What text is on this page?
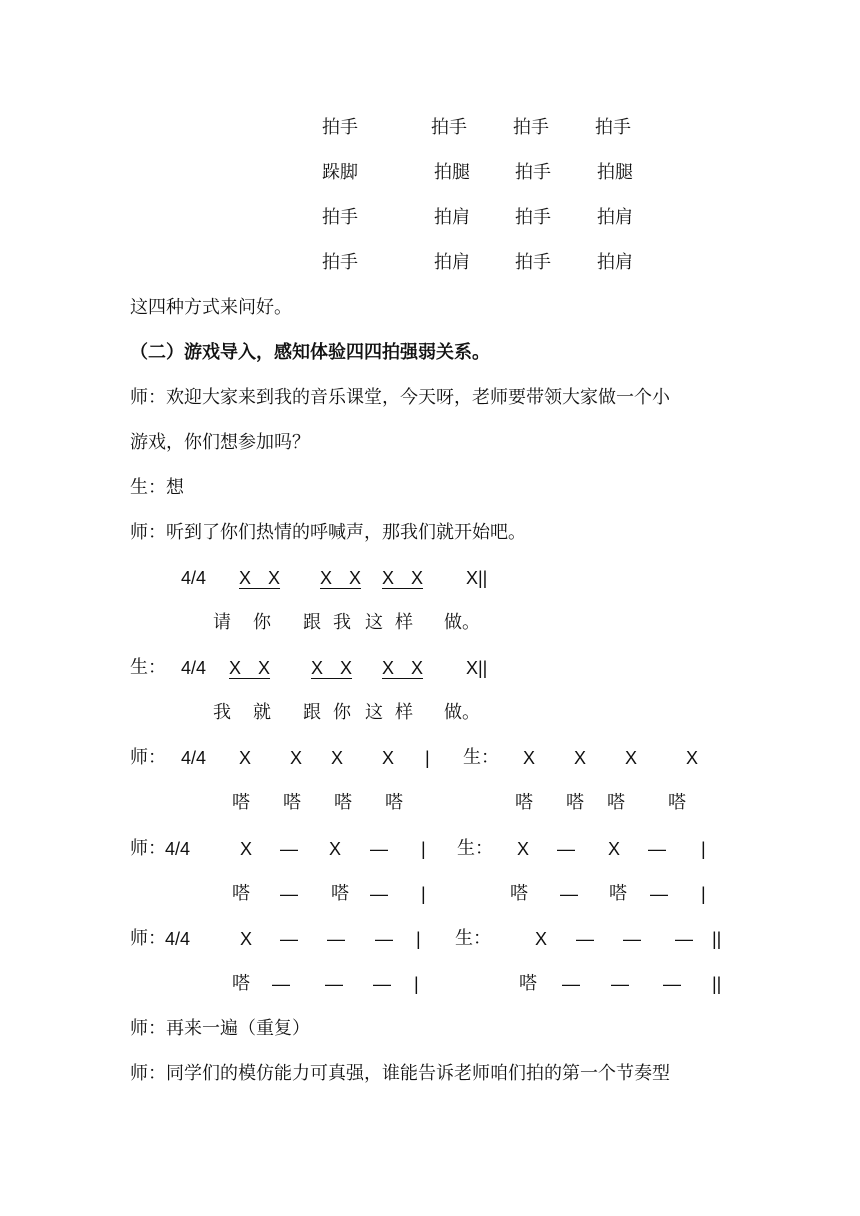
拍手	拍手	拍手	拍手
跺脚	拍腿	拍手	拍腿
拍手	拍肩	拍手	拍肩
拍手	拍肩	拍手	拍肩
这四种方式来问好。
（二）游戏导入，感知体验四四拍强弱关系。
师：欢迎大家来到我的音乐课堂，今天呀，老师要带领大家做一个小
游戏，你们想参加吗？
生：想
师：听到了你们热情的呼喊声，那我们就开始吧。
4/4 X X X X X X X||
请 你 跟 我 这 样 做。
生： 4/4 X X X X X X X||
我 就 跟 你 这 样 做。
师： 4/4 X X X X | 生： X X X	X
嗒 嗒 嗒 嗒	嗒 嗒 嗒 嗒
师： 4/4	X — X — | 生： X — X — |
嗒 — 嗒 — |	嗒 — 嗒 — |
师： 4/4	X — — — | 生： X — — — ||
嗒 — — — |	嗒 — — — ||
师：再来一遍（重复）
师：同学们的模仿能力可真强，谁能告诉老师咱们拍的第一个节奏型
